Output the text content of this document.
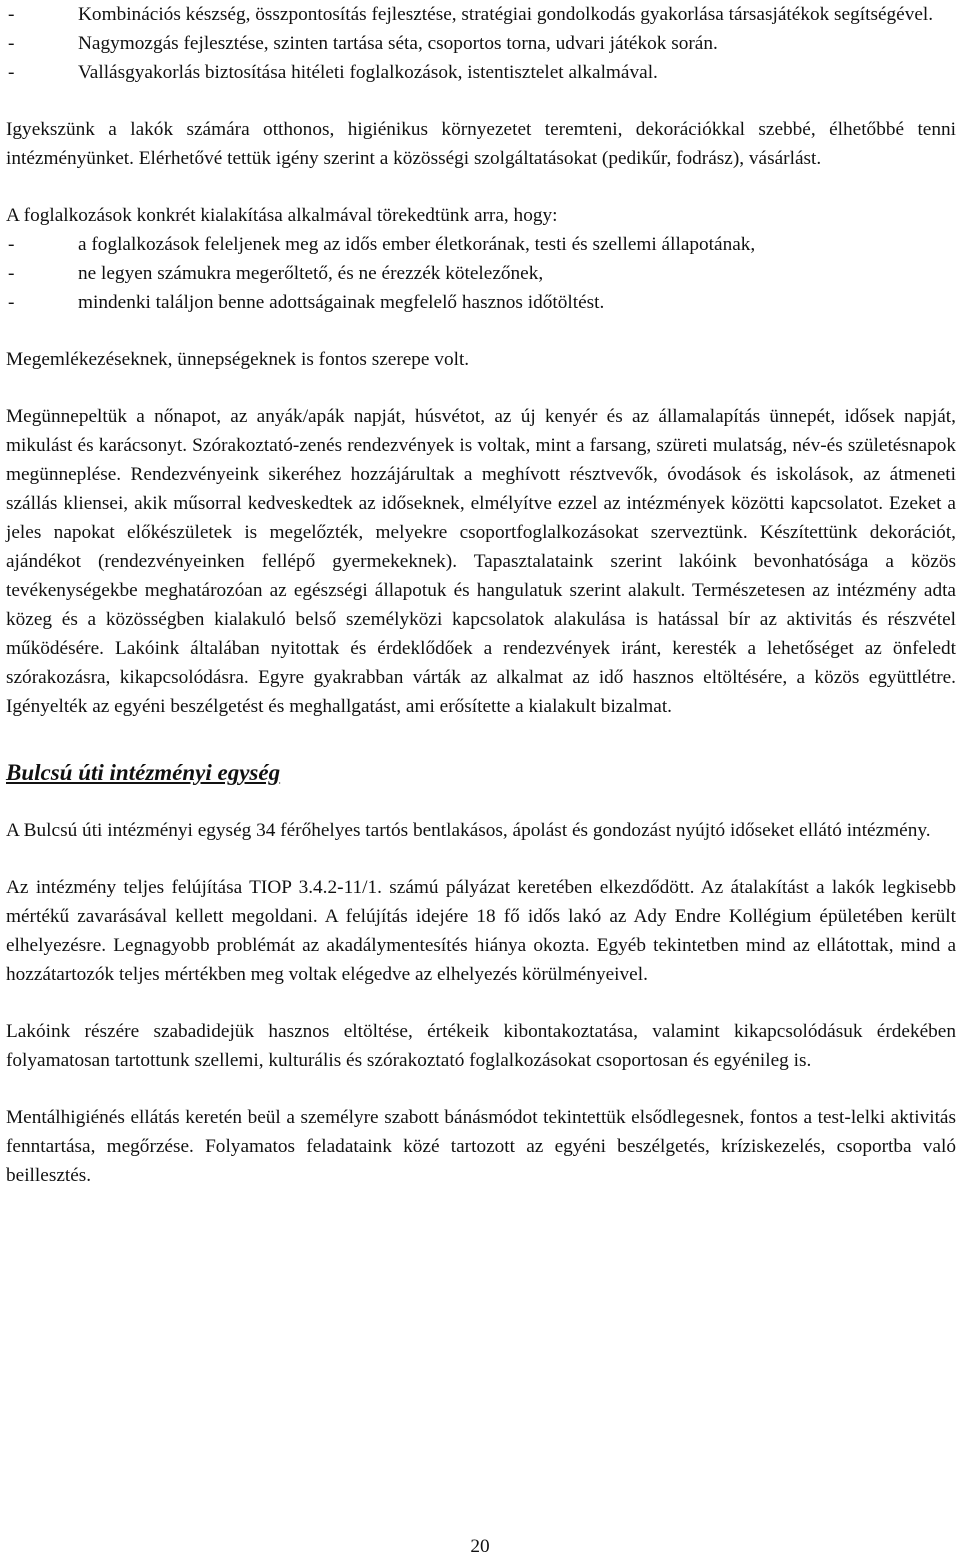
-	Kombinációs készség, összpontosítás fejlesztése, stratégiai gondolkodás gyakorlása társasjátékok segítségével.
-	Nagymozgás fejlesztése, szinten tartása séta, csoportos torna, udvari játékok során.
-	Vallásgyakorlás biztosítása hitéleti foglalkozások, istentisztelet alkalmával.

Igyekszünk a lakók számára otthonos, higiénikus környezetet teremteni, dekorációkkal szebbé, élhetőbbé tenni intézményünket. Elérhetővé tettük igény szerint a közösségi szolgáltatásokat (pedikűr, fodrász), vásárlást.

A foglalkozások konkrét kialakítása alkalmával törekedtünk arra, hogy:

-	a foglalkozások feleljenek meg az idős ember életkorának, testi és szellemi állapotának,
-	ne legyen számukra megerőltető, és ne érezzék kötelezőnek,
-	mindenki találjon benne adottságainak megfelelő hasznos időtöltést.

Megemlékezéseknek, ünnepségeknek is fontos szerepe volt.

Megünnepeltük a nőnapot, az anyák/apák napját, húsvétot, az új kenyér és az államalapítás ünnepét, idősek napját, mikulást és karácsonyt. Szórakoztató-zenés rendezvények is voltak, mint a farsang, szüreti mulatság, név-és születésnapok megünneplése. Rendezvényeink sikeréhez hozzájárultak a meghívott résztvevők, óvodások és iskolások, az átmeneti szállás kliensei, akik műsorral kedveskedtek az időseknek, elmélyítve ezzel az intézmények közötti kapcsolatot. Ezeket a jeles napokat előkészületek is megelőzték, melyekre csoportfoglalkozásokat szerveztünk. Készítettünk dekorációt, ajándékot (rendezvényeinken fellépő gyermekeknek). Tapasztalataink szerint lakóink bevonhatósága a közös tevékenységekbe meghatározóan az egészségi állapotuk és hangulatuk szerint alakult. Természetesen az intézmény adta közeg és a közösségben kialakuló belső személyközi kapcsolatok alakulása is hatással bír az aktivitás és részvétel működésére. Lakóink általában nyitottak és érdeklődőek a rendezvények iránt, keresték a lehetőséget az önfeledt szórakozásra, kikapcsolódásra. Egyre gyakrabban várták az alkalmat az idő hasznos eltöltésére, a közös együttlétre. Igényelték az egyéni beszélgetést és meghallgatást, ami erősítette a kialakult bizalmat.

Bulcsú úti intézményi egység

A Bulcsú úti intézményi egység 34 férőhelyes tartós bentlakásos, ápolást és gondozást nyújtó időseket ellátó intézmény.

Az intézmény teljes felújítása TIOP 3.4.2-11/1. számú pályázat keretében elkezdődött. Az átalakítást a lakók legkisebb mértékű zavarásával kellett megoldani. A felújítás idejére 18 fő idős lakó az Ady Endre Kollégium épületében került elhelyezésre. Legnagyobb problémát az akadálymentesítés hiánya okozta. Egyéb tekintetben mind az ellátottak, mind a hozzátartozók teljes mértékben meg voltak elégedve az elhelyezés körülményeivel.

Lakóink részére szabadidejük hasznos eltöltése, értékeik kibontakoztatása, valamint kikapcsolódásuk érdekében folyamatosan tartottunk szellemi, kulturális és szórakoztató foglalkozásokat csoportosan és egyénileg is.

Mentálhigiénés ellátás keretén beül a személyre szabott bánásmódot tekintettük elsődlegesnek, fontos a test-lelki aktivitás fenntartása, megőrzése. Folyamatos feladataink közé tartozott az egyéni beszélgetés, kríziskezelés, csoportba való beillesztés.

20
